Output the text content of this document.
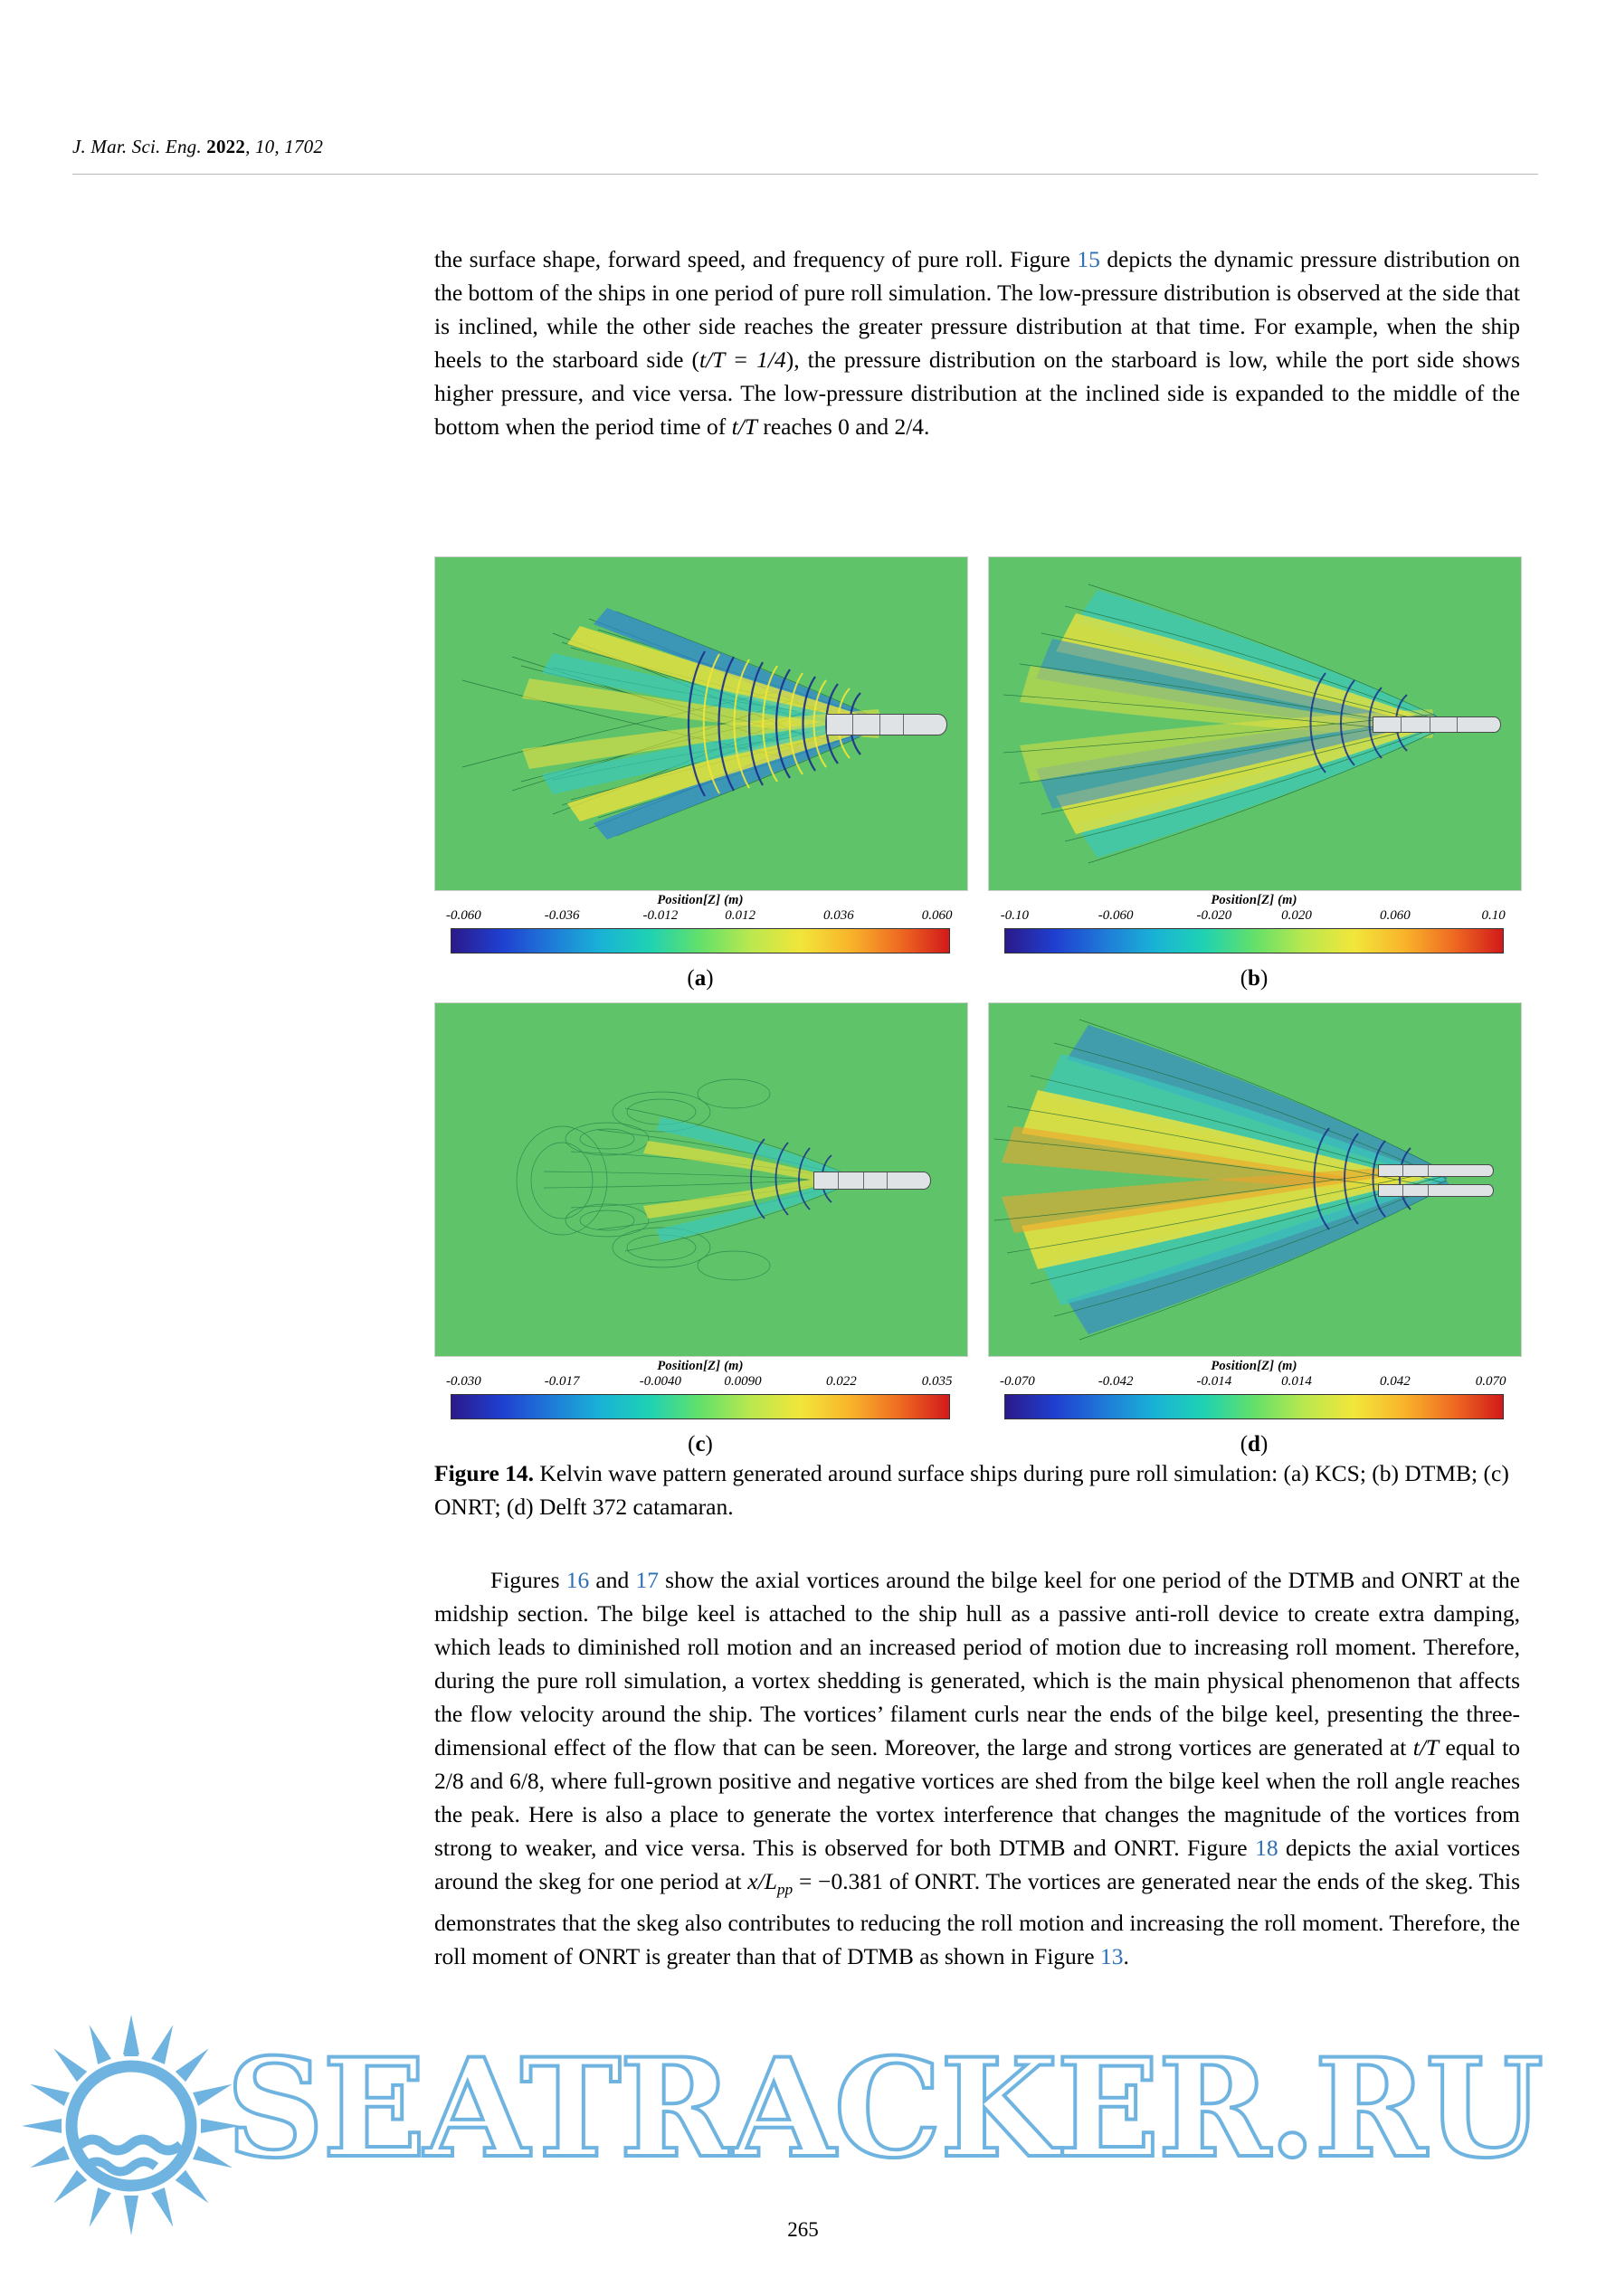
J. Mar. Sci. Eng. 2022, 10, 1702

the surface shape, forward speed, and frequency of pure roll. Figure 15 depicts the dynamic pressure distribution on the bottom of the ships in one period of pure roll simulation. The low-pressure distribution is observed at the side that is inclined, while the other side reaches the greater pressure distribution at that time. For example, when the ship heels to the starboard side (t/T = 1/4), the pressure distribution on the starboard is low, while the port side shows higher pressure, and vice versa. The low-pressure distribution at the inclined side is expanded to the middle of the bottom when the period time of t/T reaches 0 and 2/4.

Position[Z] (m)
-0.060	-0.036	-0.012	0.012	0.036	0.060
(a)
Position[Z] (m)
-0.10	-0.060	-0.020	0.020	0.060	0.10
(b)
Position[Z] (m)
-0.030	-0.017	-0.0040	0.0090	0.022	0.035
(c)
Position[Z] (m)
-0.070	-0.042	-0.014	0.014	0.042	0.070
(d)
Figure 14. Kelvin wave pattern generated around surface ships during pure roll simulation: (a) KCS; (b) DTMB; (c) ONRT; (d) Delft 372 catamaran.

Figures 16 and 17 show the axial vortices around the bilge keel for one period of the DTMB and ONRT at the midship section. The bilge keel is attached to the ship hull as a passive anti-roll device to create extra damping, which leads to diminished roll motion and an increased period of motion due to increasing roll moment. Therefore, during the pure roll simulation, a vortex shedding is generated, which is the main physical phenomenon that affects the flow velocity around the ship. The vortices’ filament curls near the ends of the bilge keel, presenting the three-dimensional effect of the flow that can be seen. Moreover, the large and strong vortices are generated at t/T equal to 2/8 and 6/8, where full-grown positive and negative vortices are shed from the bilge keel when the roll angle reaches the peak. Here is also a place to generate the vortex interference that changes the magnitude of the vortices from strong to weaker, and vice versa. This is observed for both DTMB and ONRT. Figure 18 depicts the axial vortices around the skeg for one period at $x/L_{pp} = -0.381$ of ONRT. The vortices are generated near the ends of the skeg. This demonstrates that the skeg also contributes to reducing the roll motion and increasing the roll moment. Therefore, the roll moment of ONRT is greater than that of DTMB as shown in Figure 13.

265
SEATRACKER.RU
